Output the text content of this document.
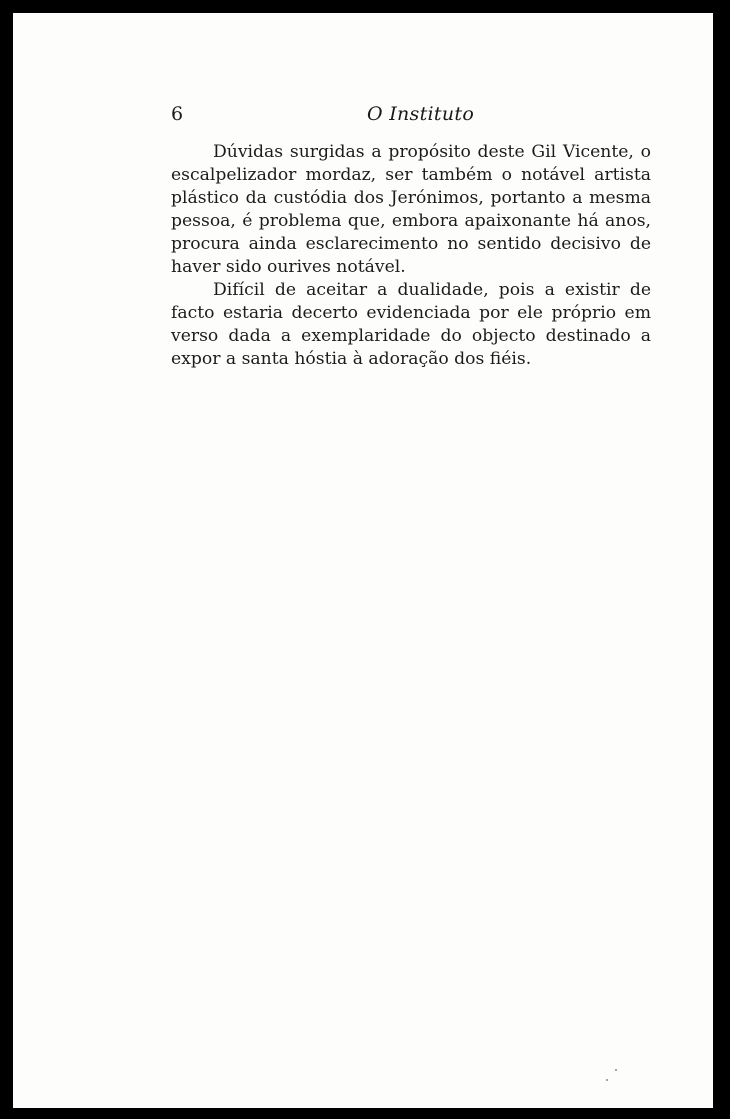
6	O Instituto

Dúvidas surgidas a propósito deste Gil Vicente, o escalpelizador mordaz, ser também o notável artista plástico da custódia dos Jerónimos, portanto a mesma pessoa, é problema que, embora apaixonante há anos, procura ainda esclarecimento no sentido decisivo de haver sido ourives notável.

Difícil de aceitar a dualidade, pois a existir de facto estaria decerto evidenciada por ele próprio em verso dada a exemplaridade do objecto destinado a expor a santa hóstia à adoração dos fiéis.
